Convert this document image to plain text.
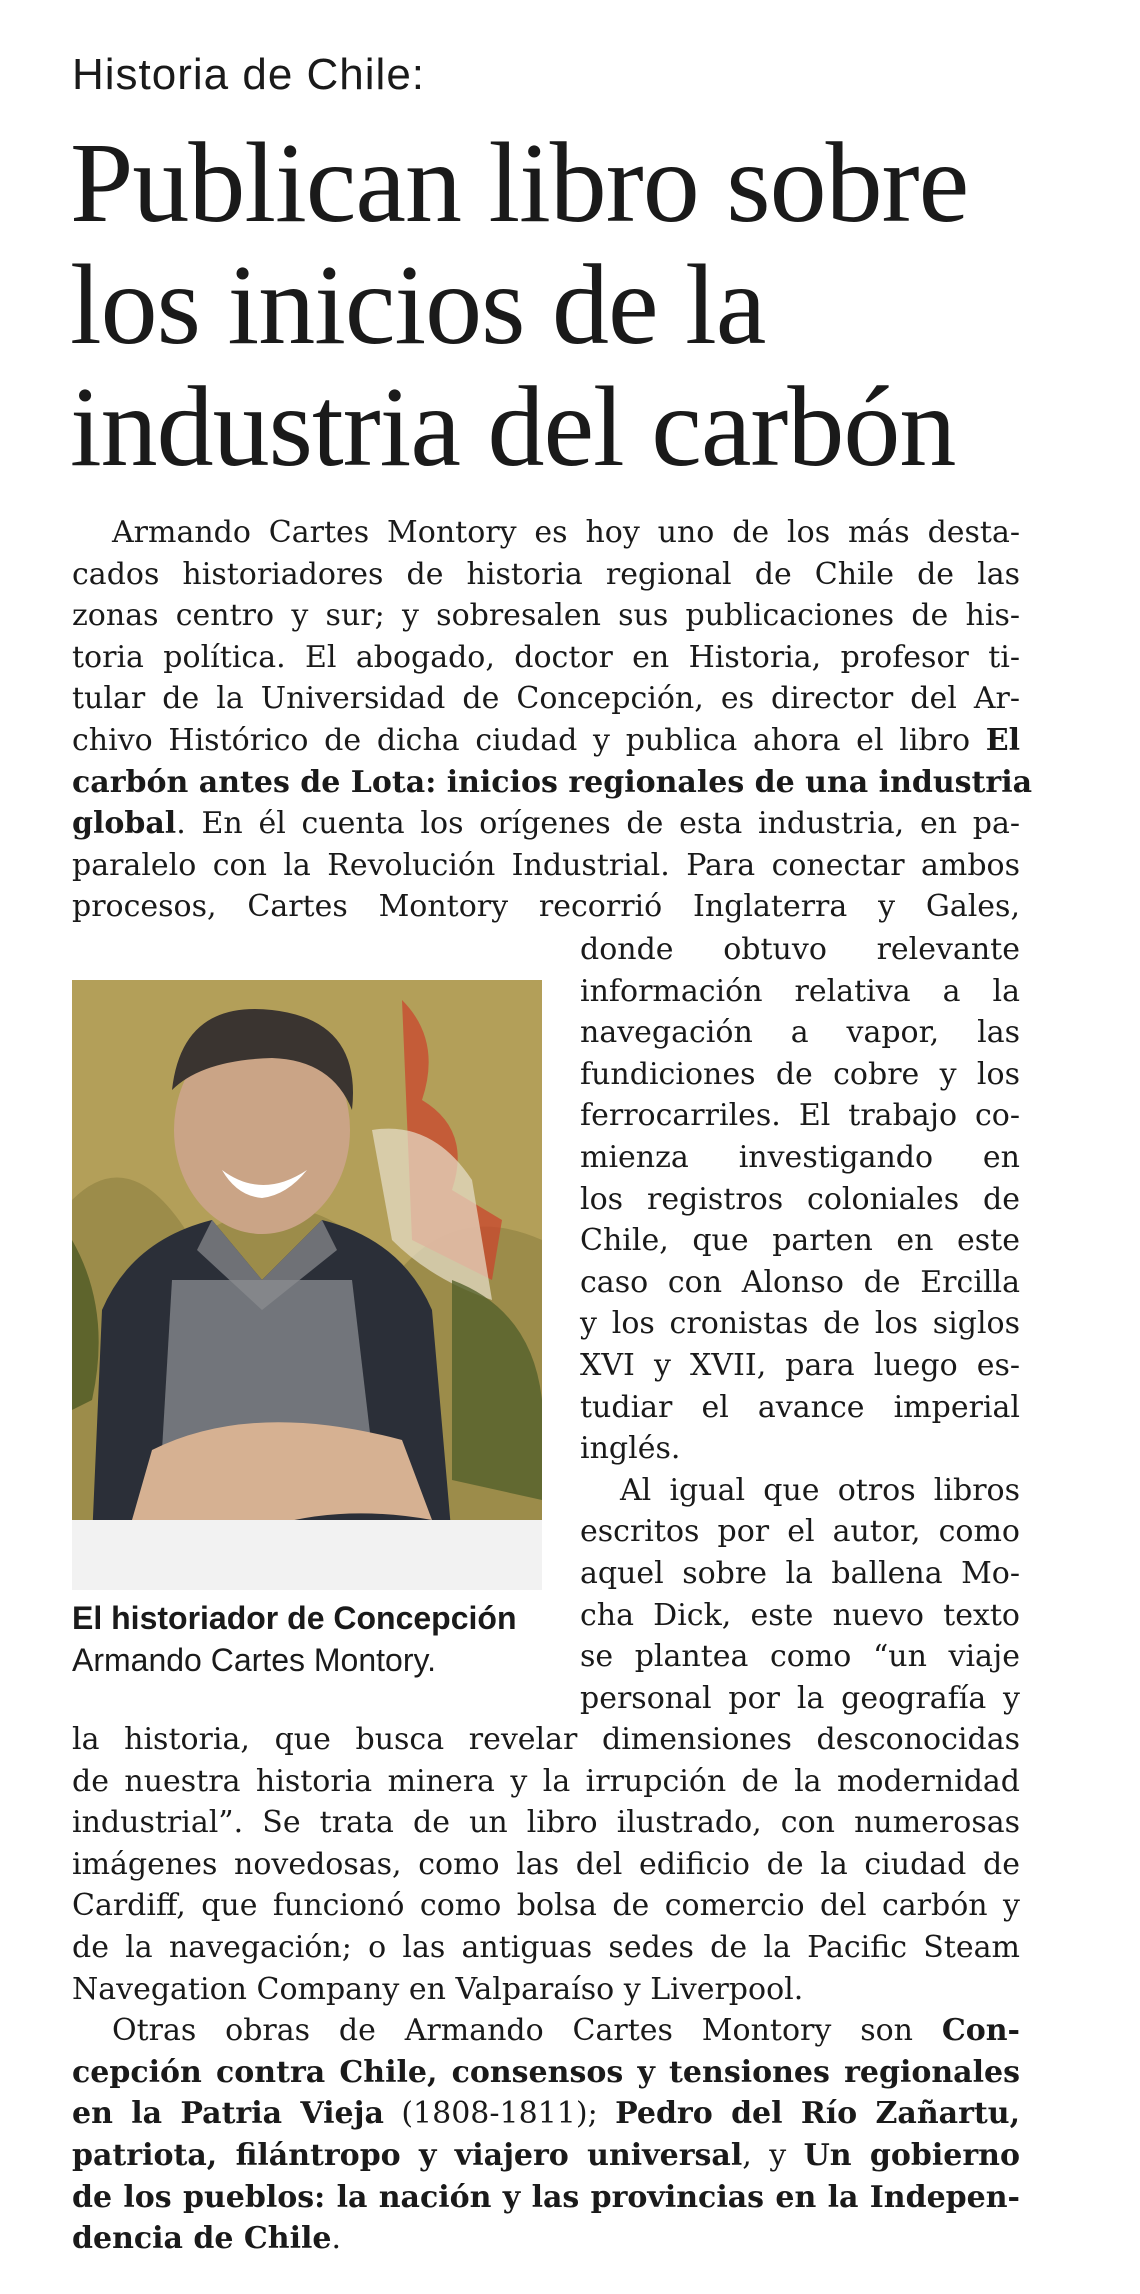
Historia de Chile:
Publican libro sobre
los inicios de la
industria del carbón
Armando Cartes Montory es hoy uno de los más desta-
cados historiadores de historia regional de Chile de las
zonas centro y sur; y sobresalen sus publicaciones de his-
toria política. El abogado, doctor en Historia, profesor ti-
tular de la Universidad de Concepción, es director del Ar-
chivo Histórico de dicha ciudad y publica ahora el libro El
carbón antes de Lota: inicios regionales de una industria
global. En él cuenta los orígenes de esta industria, en pa-
paralelo con la Revolución Industrial. Para conectar ambos
procesos, Cartes Montory recorrió Inglaterra y Gales,
El historiador de Concepción
Armando Cartes Montory.
donde obtuvo relevante
información relativa a la
navegación a vapor, las
fundiciones de cobre y los
ferrocarriles. El trabajo co-
mienza investigando en
los registros coloniales de
Chile, que parten en este
caso con Alonso de Ercilla
y los cronistas de los siglos
XVI y XVII, para luego es-
tudiar el avance imperial
inglés.
Al igual que otros libros
escritos por el autor, como
aquel sobre la ballena Mo-
cha Dick, este nuevo texto
se plantea como “un viaje
personal por la geografía y
la historia, que busca revelar dimensiones desconocidas
de nuestra historia minera y la irrupción de la modernidad
industrial”. Se trata de un libro ilustrado, con numerosas
imágenes novedosas, como las del edificio de la ciudad de
Cardiff, que funcionó como bolsa de comercio del carbón y
de la navegación; o las antiguas sedes de la Pacific Steam
Navegation Company en Valparaíso y Liverpool.
Otras obras de Armando Cartes Montory son Con-
cepción contra Chile, consensos y tensiones regionales
en la Patria Vieja (1808-1811); Pedro del Río Zañartu,
patriota, filántropo y viajero universal, y Un gobierno
de los pueblos: la nación y las provincias en la Indepen-
dencia de Chile.
